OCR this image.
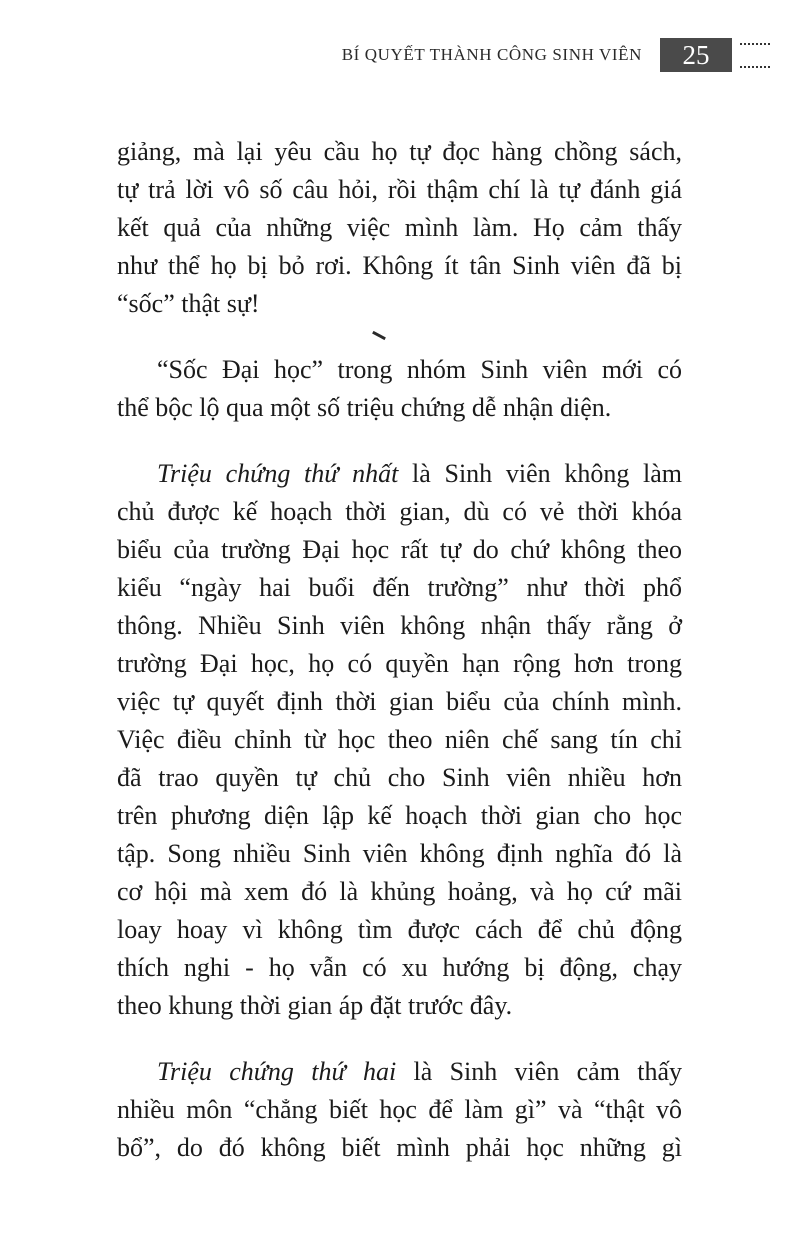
BÍ QUYẾT THÀNH CÔNG SINH VIÊN	25
giảng, mà lại yêu cầu họ tự đọc hàng chồng sách,
tự trả lời vô số câu hỏi, rồi thậm chí là tự đánh giá
kết quả của những việc mình làm. Họ cảm thấy
như thể họ bị bỏ rơi. Không ít tân Sinh viên đã bị
“sốc” thật sự!
“Sốc Đại học” trong nhóm Sinh viên mới có
thể bộc lộ qua một số triệu chứng dễ nhận diện.
Triệu chứng thứ nhất là Sinh viên không làm
chủ được kế hoạch thời gian, dù có vẻ thời khóa
biểu của trường Đại học rất tự do chứ không theo
kiểu “ngày hai buổi đến trường” như thời phổ
thông. Nhiều Sinh viên không nhận thấy rằng ở
trường Đại học, họ có quyền hạn rộng hơn trong
việc tự quyết định thời gian biểu của chính mình.
Việc điều chỉnh từ học theo niên chế sang tín chỉ
đã trao quyền tự chủ cho Sinh viên nhiều hơn
trên phương diện lập kế hoạch thời gian cho học
tập. Song nhiều Sinh viên không định nghĩa đó là
cơ hội mà xem đó là khủng hoảng, và họ cứ mãi
loay hoay vì không tìm được cách để chủ động
thích nghi - họ vẫn có xu hướng bị động, chạy
theo khung thời gian áp đặt trước đây.
Triệu chứng thứ hai là Sinh viên cảm thấy
nhiều môn “chẳng biết học để làm gì” và “thật vô
bổ”, do đó không biết mình phải học những gì
